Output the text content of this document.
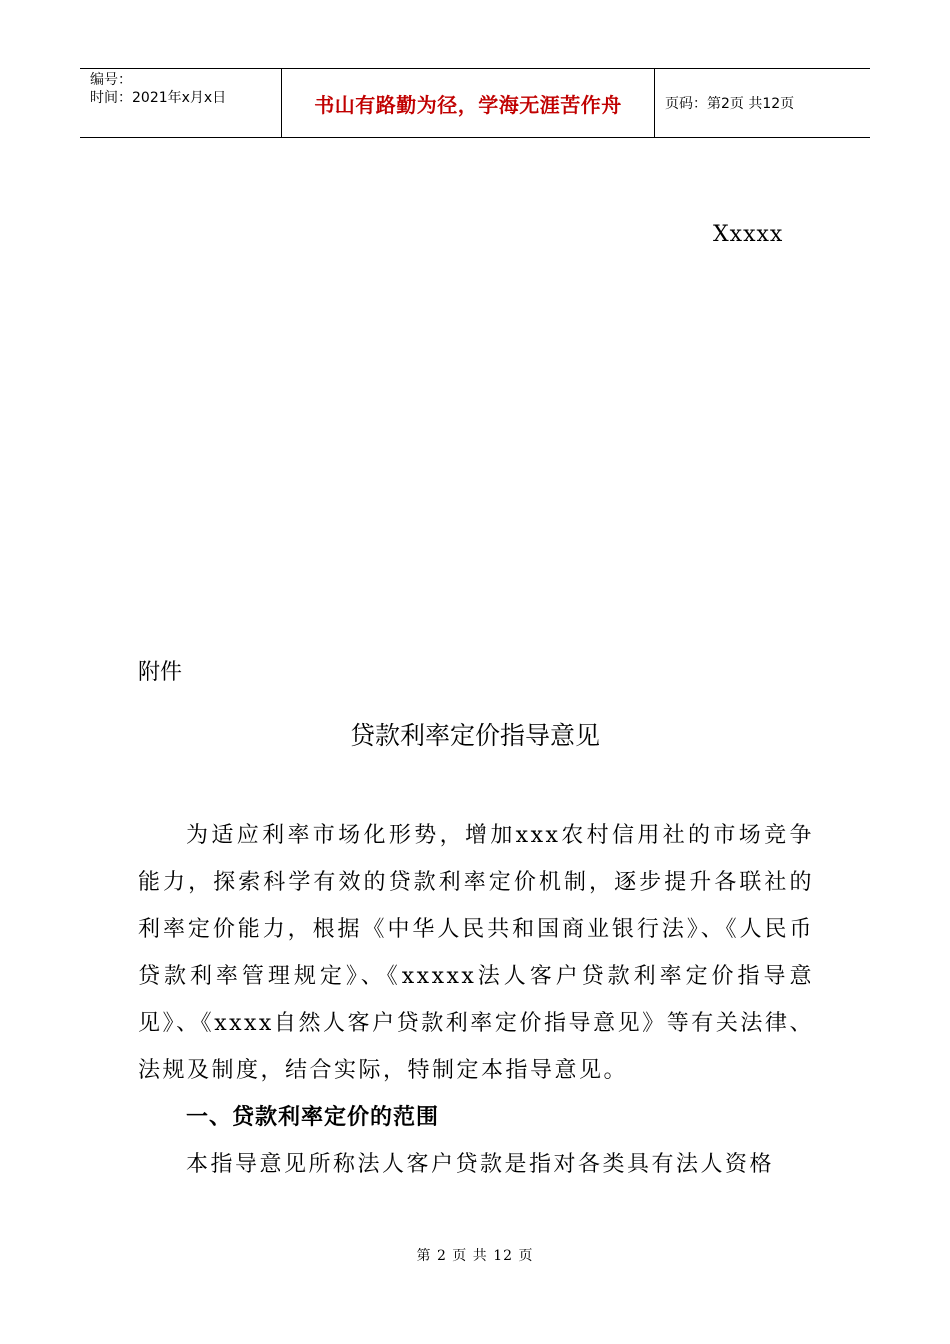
编号：
时间：2021年x月x日	书山有路勤为径，学海无涯苦作舟	页码：第2页 共12页
Xxxxx
附件
贷款利率定价指导意见

为适应利率市场化形势，增加xxx农村信用社的市场竞争能力，探索科学有效的贷款利率定价机制，逐步提升各联社的利率定价能力，根据《中华人民共和国商业银行法》、《人民币贷款利率管理规定》、《xxxxx法人客户贷款利率定价指导意见》、《xxxx自然人客户贷款利率定价指导意见》等有关法律、法规及制度，结合实际，特制定本指导意见。

一、贷款利率定价的范围

本指导意见所称法人客户贷款是指对各类具有法人资格

第 2 页 共 12 页
